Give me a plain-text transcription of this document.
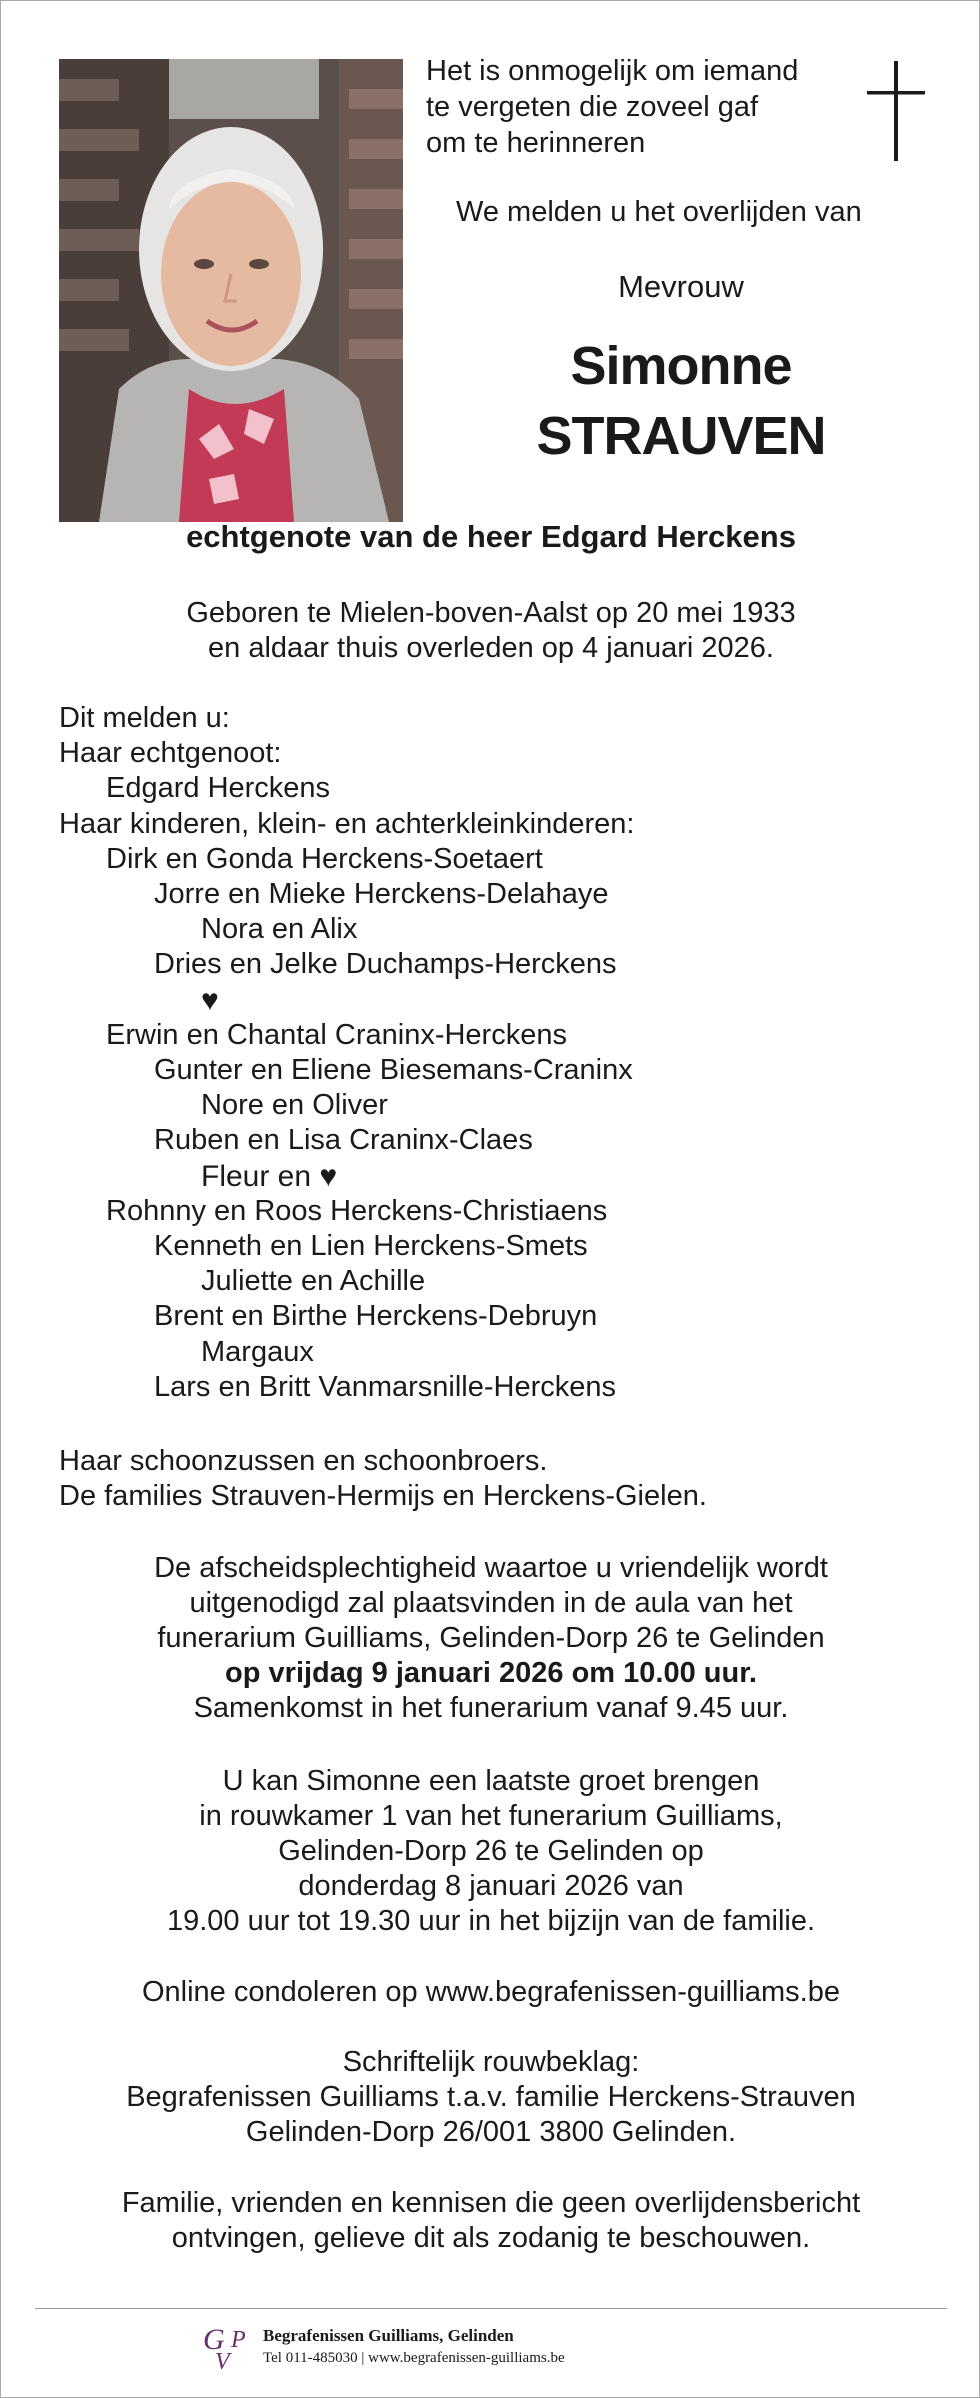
Het is onmogelijk om iemand
te vergeten die zoveel gaf
om te herinneren
We melden u het overlijden van
Mevrouw
Simonne
STRAUVEN
echtgenote van de heer Edgard Herckens
Geboren te Mielen-boven-Aalst op 20 mei 1933
en aldaar thuis overleden op 4 januari 2026.
Dit melden u:
Haar echtgenoot:
Edgard Herckens
Haar kinderen, klein- en achterkleinkinderen:
Dirk en Gonda Herckens-Soetaert
Jorre en Mieke Herckens-Delahaye
Nora en Alix
Dries en Jelke Duchamps-Herckens
♥
Erwin en Chantal Craninx-Herckens
Gunter en Eliene Biesemans-Craninx
Nore en Oliver
Ruben en Lisa Craninx-Claes
Fleur en ♥
Rohnny en Roos Herckens-Christiaens
Kenneth en Lien Herckens-Smets
Juliette en Achille
Brent en Birthe Herckens-Debruyn
Margaux
Lars en Britt Vanmarsnille-Herckens
Haar schoonzussen en schoonbroers.
De families Strauven-Hermijs en Herckens-Gielen.
De afscheidsplechtigheid waartoe u vriendelijk wordt
uitgenodigd zal plaatsvinden in de aula van het
funerarium Guilliams, Gelinden-Dorp 26 te Gelinden
op vrijdag 9 januari 2026 om 10.00 uur.
Samenkomst in het funerarium vanaf 9.45 uur.
U kan Simonne een laatste groet brengen
in rouwkamer 1 van het funerarium Guilliams,
Gelinden-Dorp 26 te Gelinden op
donderdag 8 januari 2026 van
19.00 uur tot 19.30 uur in het bijzijn van de familie.
Online condoleren op www.begrafenissen-guilliams.be
Schriftelijk rouwbeklag:
Begrafenissen Guilliams t.a.v. familie Herckens-Strauven
Gelinden-Dorp 26/001 3800 Gelinden.
Familie, vrienden en kennisen die geen overlijdensbericht
ontvingen, gelieve dit als zodanig te beschouwen.
G
V
P Begrafenissen Guilliams, Gelinden
Tel 011-485030 | www.begrafenissen-guilliams.be
